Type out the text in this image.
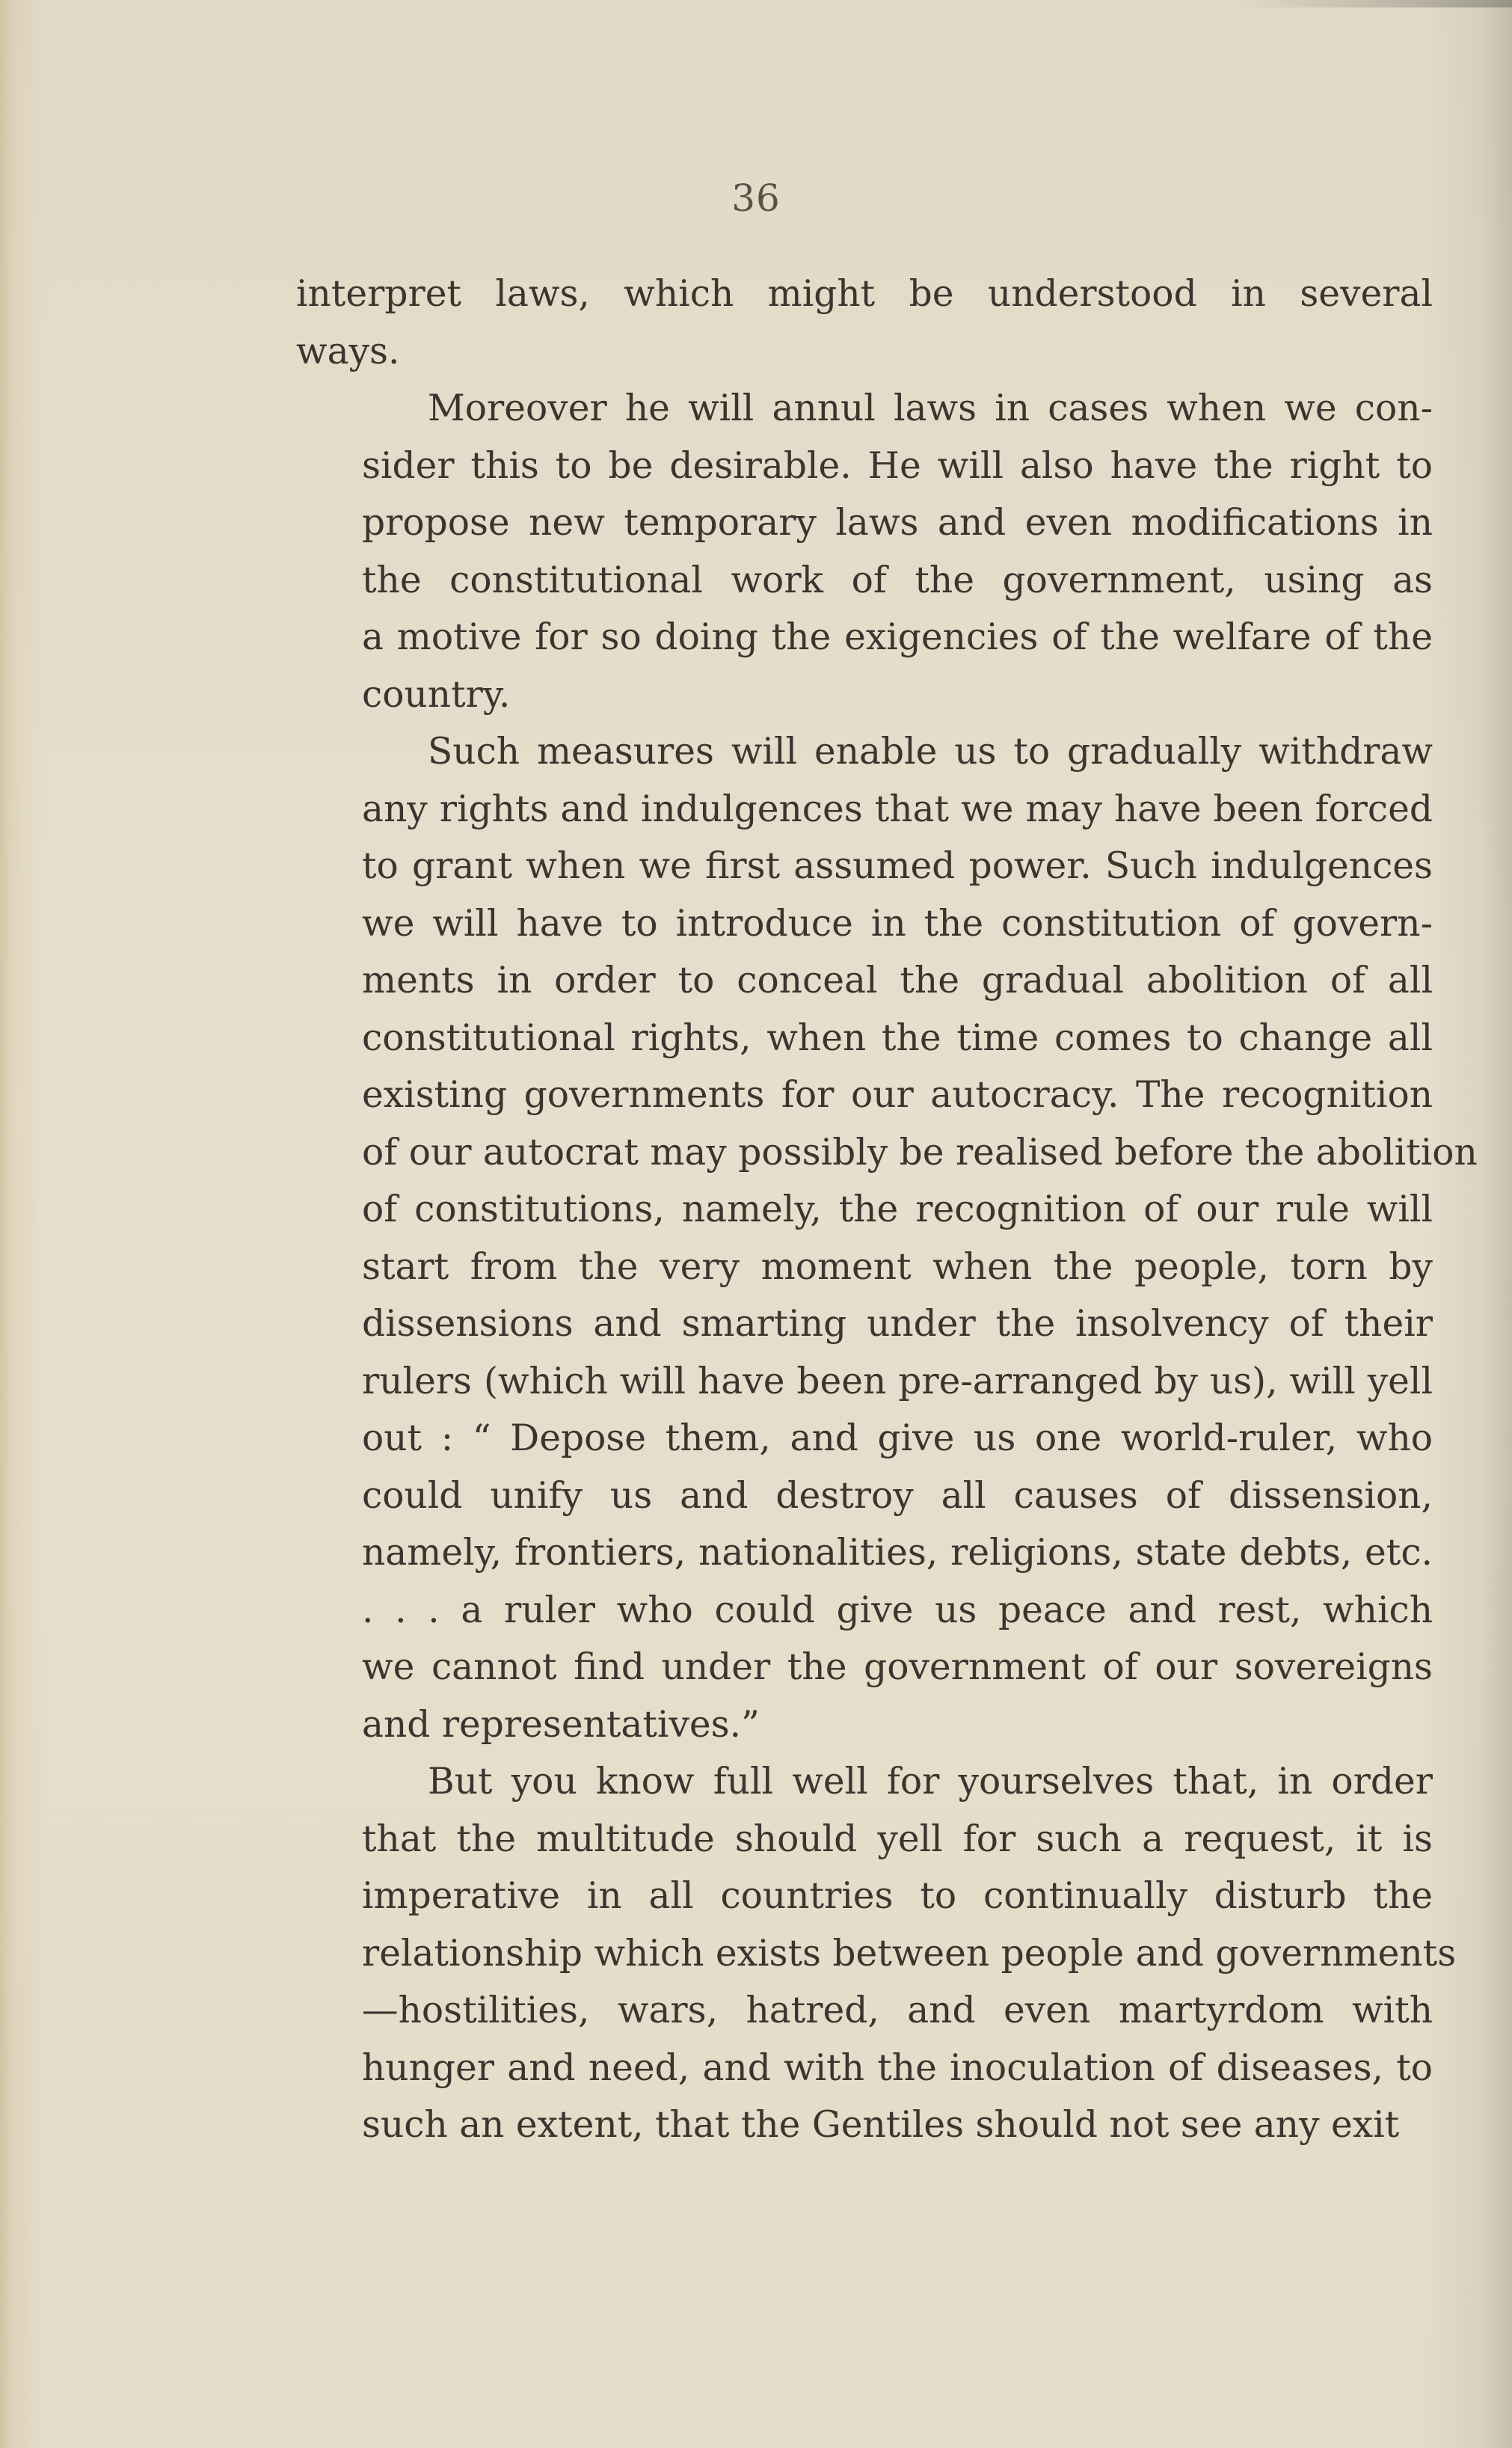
36

interpret laws, which might be understood in several
ways.
Moreover he will annul laws in cases when we con-
sider this to be desirable. He will also have the right to
propose new temporary laws and even modifications in
the constitutional work of the government, using as
a motive for so doing the exigencies of the welfare of the
country.
Such measures will enable us to gradually withdraw
any rights and indulgences that we may have been forced
to grant when we first assumed power. Such indulgences
we will have to introduce in the constitution of govern-
ments in order to conceal the gradual abolition of all
constitutional rights, when the time comes to change all
existing governments for our autocracy. The recognition
of our autocrat may possibly be realised before the abolition
of constitutions, namely, the recognition of our rule will
start from the very moment when the people, torn by
dissensions and smarting under the insolvency of their
rulers (which will have been pre-arranged by us), will yell
out : “ Depose them, and give us one world-ruler, who
could unify us and destroy all causes of dissension,
namely, frontiers, nationalities, religions, state debts, etc.
. . . a ruler who could give us peace and rest, which
we cannot find under the government of our sovereigns
and representatives.”
But you know full well for yourselves that, in order
that the multitude should yell for such a request, it is
imperative in all countries to continually disturb the
relationship which exists between people and governments
—hostilities, wars, hatred, and even martyrdom with
hunger and need, and with the inoculation of diseases, to
such an extent, that the Gentiles should not see any exit
